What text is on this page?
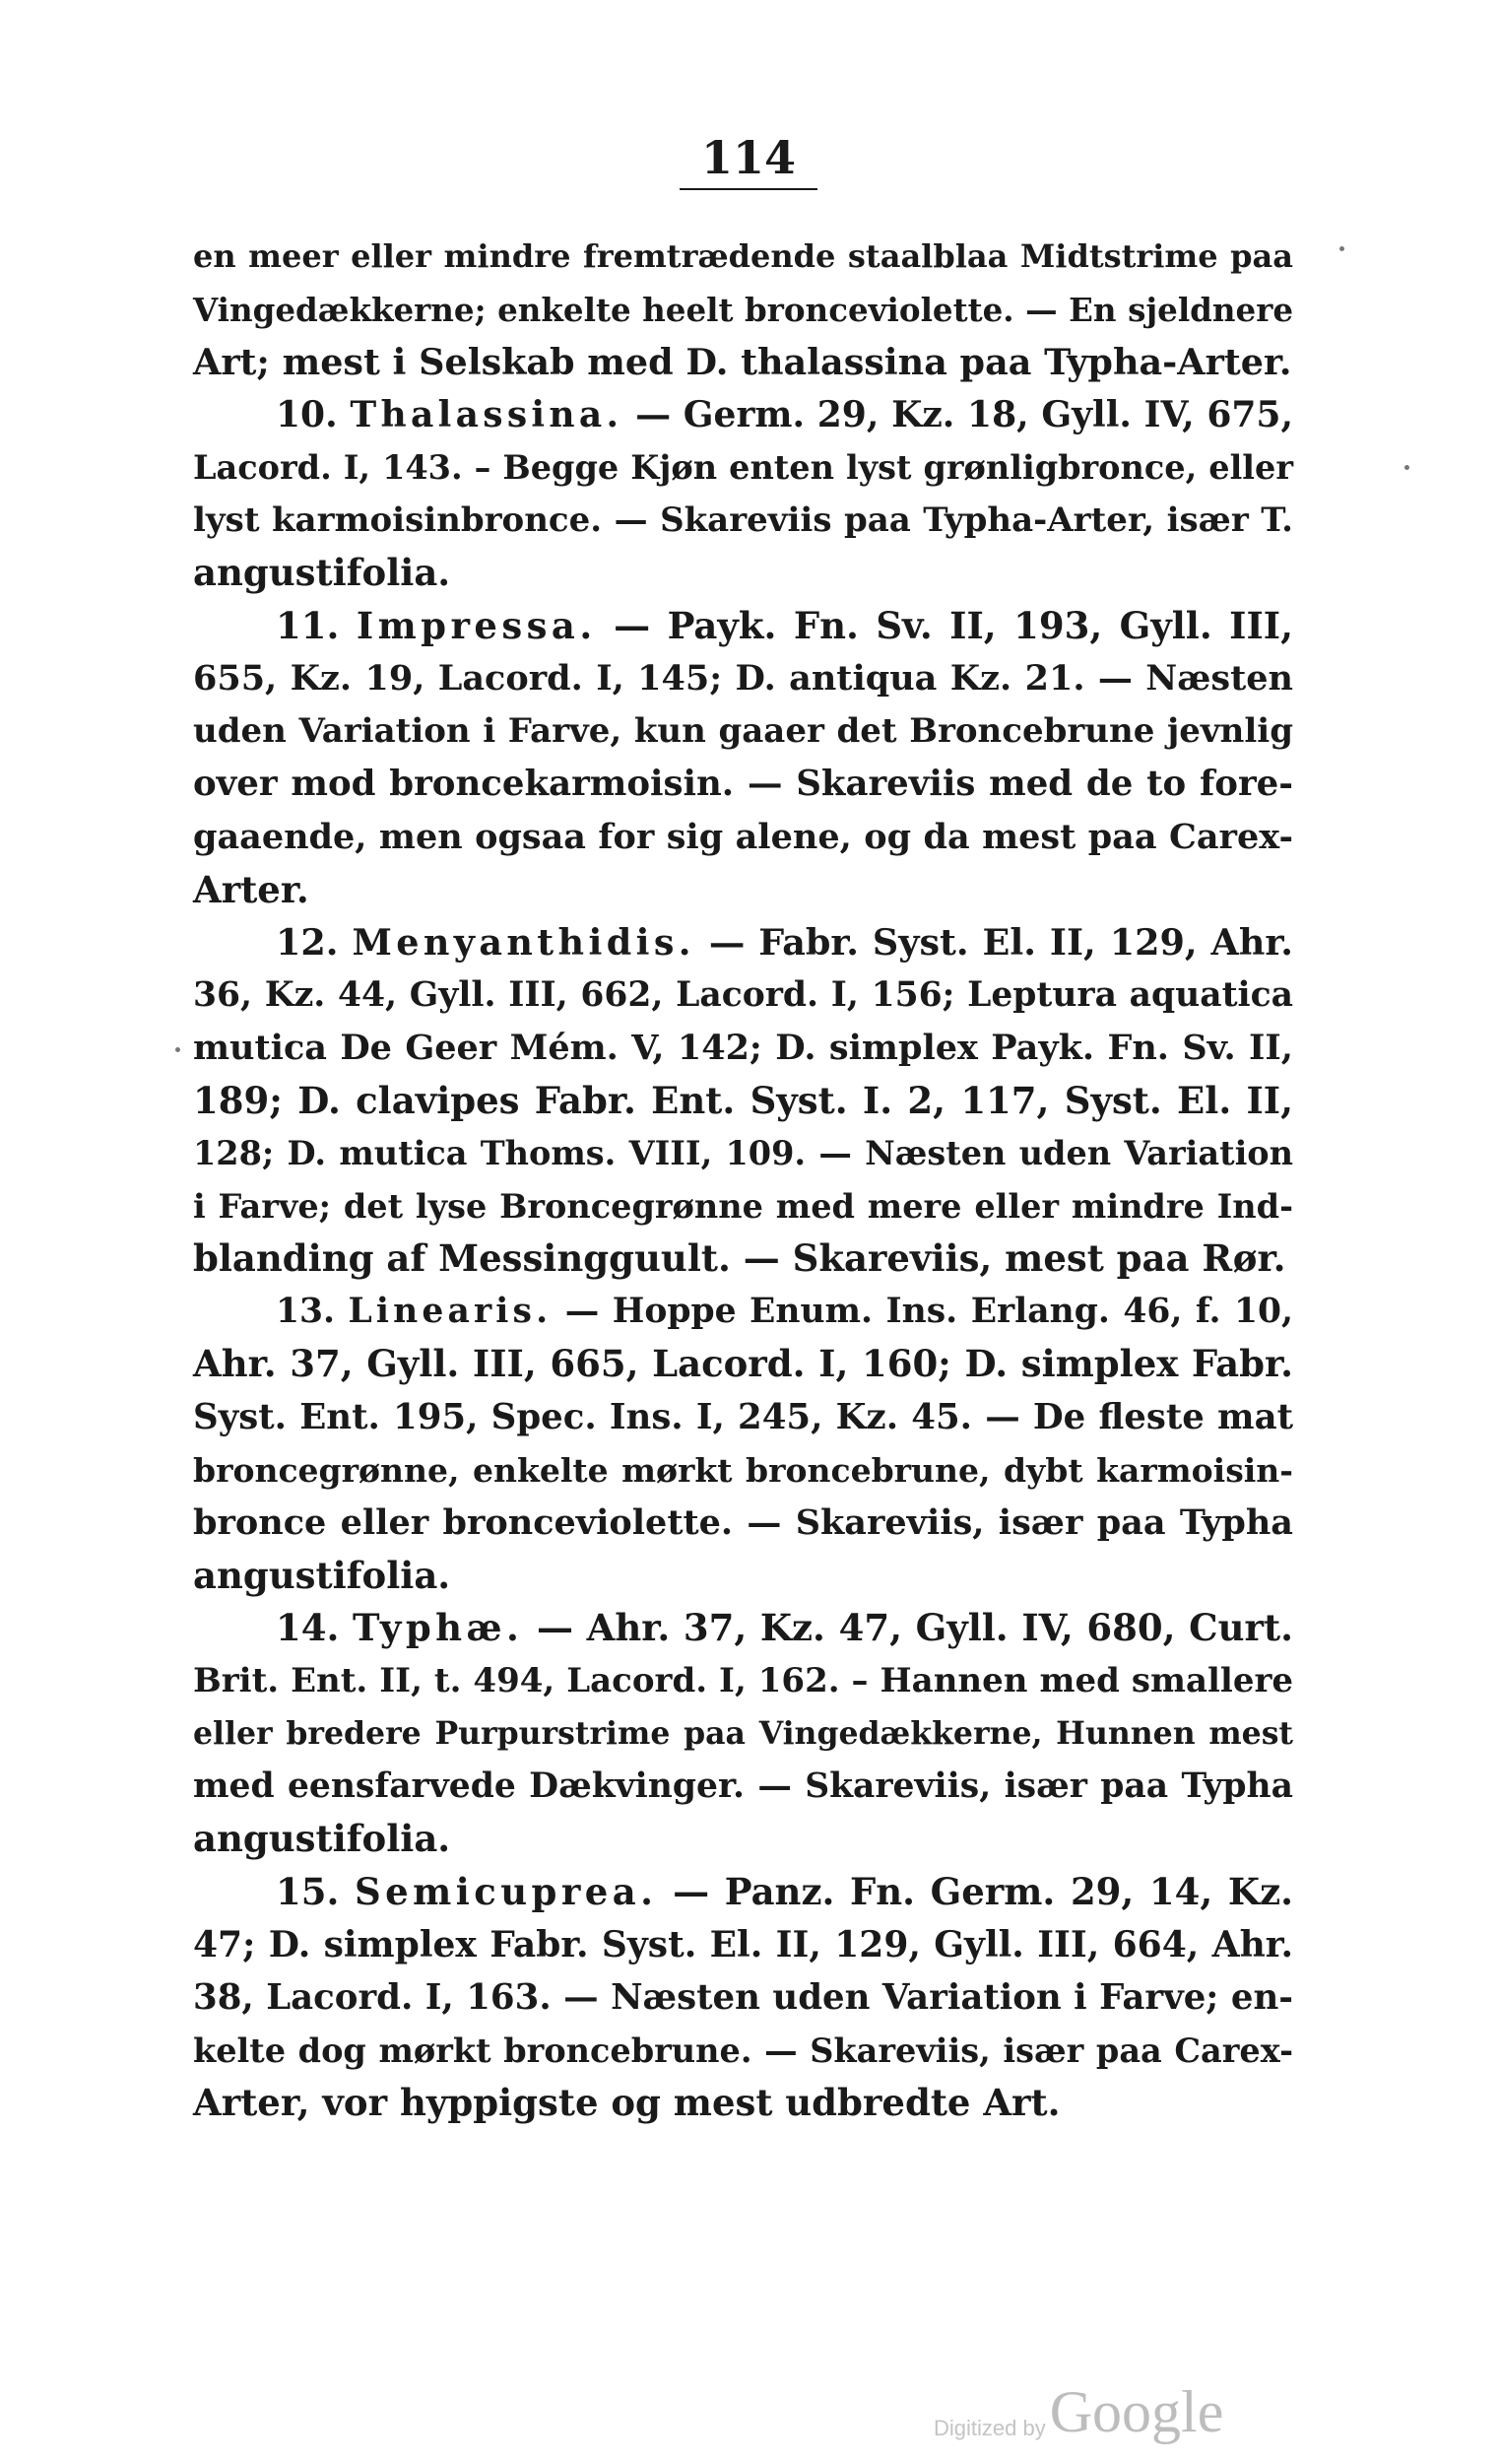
114
en meer eller mindre fremtrædende staalblaa Midtstrime paa
Vingedækkerne; enkelte heelt bronceviolette. — En sjeldnere
Art; mest i Selskab med D. thalassina paa Typha-Arter.
10. Thalassina. — Germ. 29, Kz. 18, Gyll. IV, 675,
Lacord. I, 143. – Begge Kjøn enten lyst grønligbronce, eller
lyst karmoisinbronce. — Skareviis paa Typha-Arter, især T.
angustifolia.
11. Impressa. — Payk. Fn. Sv. II, 193, Gyll. III,
655, Kz. 19, Lacord. I, 145; D. antiqua Kz. 21. — Næsten
uden Variation i Farve, kun gaaer det Broncebrune jevnlig
over mod broncekarmoisin. — Skareviis med de to fore-
gaaende, men ogsaa for sig alene, og da mest paa Carex-
Arter.
12. Menyanthidis. — Fabr. Syst. El. II, 129, Ahr.
36, Kz. 44, Gyll. III, 662, Lacord. I, 156; Leptura aquatica
mutica De Geer Mém. V, 142; D. simplex Payk. Fn. Sv. II,
189; D. clavipes Fabr. Ent. Syst. I. 2, 117, Syst. El. II,
128; D. mutica Thoms. VIII, 109. — Næsten uden Variation
i Farve; det lyse Broncegrønne med mere eller mindre Ind-
blanding af Messingguult. — Skareviis, mest paa Rør.
13. Linearis. — Hoppe Enum. Ins. Erlang. 46, f. 10,
Ahr. 37, Gyll. III, 665, Lacord. I, 160; D. simplex Fabr.
Syst. Ent. 195, Spec. Ins. I, 245, Kz. 45. — De fleste mat
broncegrønne, enkelte mørkt broncebrune, dybt karmoisin-
bronce eller bronceviolette. — Skareviis, især paa Typha
angustifolia.
14. Typhæ. — Ahr. 37, Kz. 47, Gyll. IV, 680, Curt.
Brit. Ent. II, t. 494, Lacord. I, 162. – Hannen med smallere
eller bredere Purpurstrime paa Vingedækkerne, Hunnen mest
med eensfarvede Dækvinger. — Skareviis, især paa Typha
angustifolia.
15. Semicuprea. — Panz. Fn. Germ. 29, 14, Kz.
47; D. simplex Fabr. Syst. El. II, 129, Gyll. III, 664, Ahr.
38, Lacord. I, 163. — Næsten uden Variation i Farve; en-
kelte dog mørkt broncebrune. — Skareviis, især paa Carex-
Arter, vor hyppigste og mest udbredte Art.
Digitized byGoogle
